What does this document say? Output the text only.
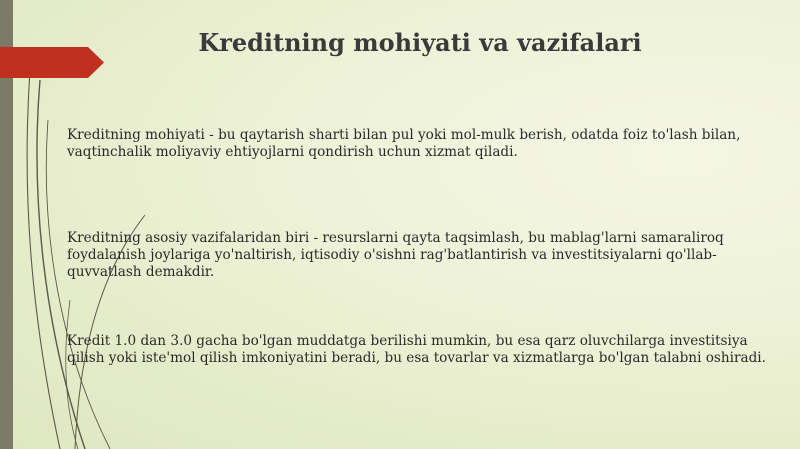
Kreditning mohiyati va vazifalari

Kreditning mohiyati - bu qaytarish sharti bilan pul yoki mol-mulk berish, odatda foiz to'lash bilan, vaqtinchalik moliyaviy ehtiyojlarni qondirish uchun xizmat qiladi.

Kreditning asosiy vazifalaridan biri - resurslarni qayta taqsimlash, bu mablag'larni samaraliroq foydalanish joylariga yo'naltirish, iqtisodiy o'sishni rag'batlantirish va investitsiyalarni qo'llab-quvvatlash demakdir.

Kredit 1.0 dan 3.0 gacha bo'lgan muddatga berilishi mumkin, bu esa qarz oluvchilarga investitsiya qilish yoki iste'mol qilish imkoniyatini beradi, bu esa tovarlar va xizmatlarga bo'lgan talabni oshiradi.
